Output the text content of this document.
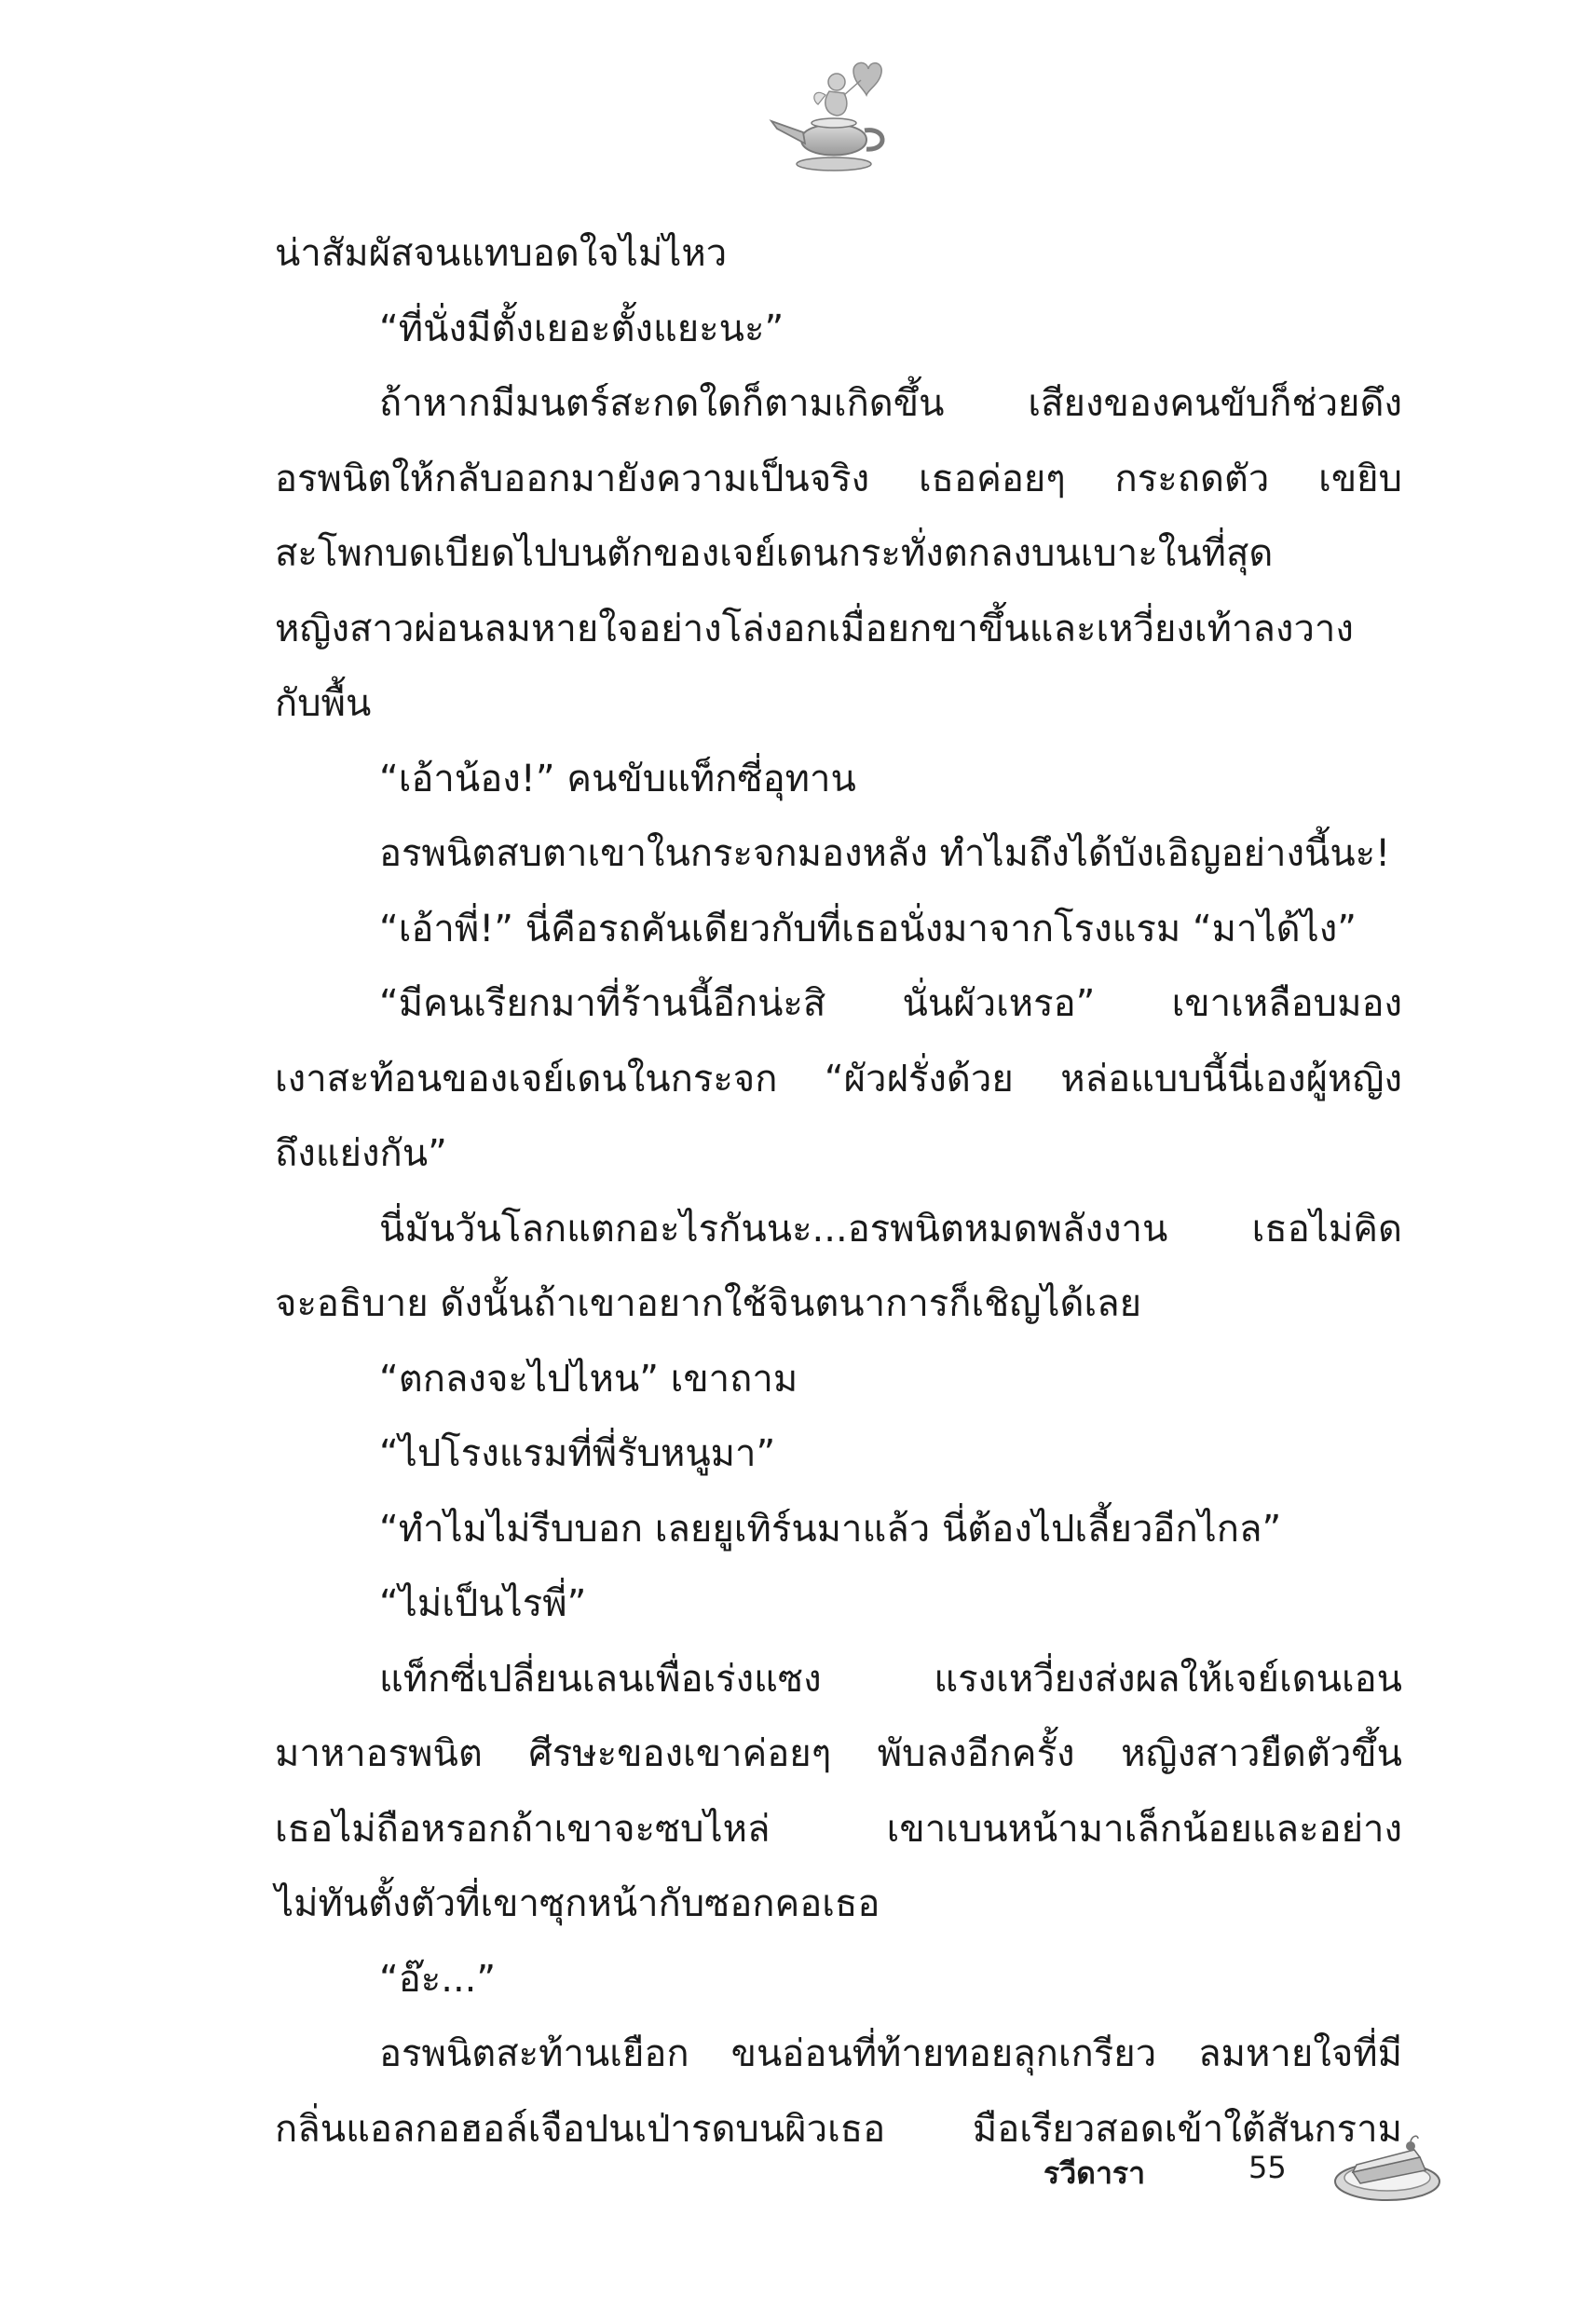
น่าสัมผัสจนแทบอดใจไม่ไหว
“ที่นั่งมีตั้งเยอะตั้งแยะนะ”
ถ้าหากมีมนตร์สะกดใดก็ตามเกิดขึ้น เสียงของคนขับก็ช่วยดึง
อรพนิตให้กลับออกมายังความเป็นจริง เธอค่อยๆ กระถดตัว เขยิบ
สะโพกบดเบียดไปบนตักของเจย์เดนกระทั่งตกลงบนเบาะในที่สุด
หญิงสาวผ่อนลมหายใจอย่างโล่งอกเมื่อยกขาขึ้นและเหวี่ยงเท้าลงวาง
กับพื้น
“เอ้าน้อง!” คนขับแท็กซี่อุทาน
อรพนิตสบตาเขาในกระจกมองหลัง ทำไมถึงได้บังเอิญอย่างนี้นะ!
“เอ้าพี่!” นี่คือรถคันเดียวกับที่เธอนั่งมาจากโรงแรม “มาได้ไง”
“มีคนเรียกมาที่ร้านนี้อีกน่ะสิ นั่นผัวเหรอ” เขาเหลือบมอง
เงาสะท้อนของเจย์เดนในกระจก “ผัวฝรั่งด้วย หล่อแบบนี้นี่เองผู้หญิง
ถึงแย่งกัน”
นี่มันวันโลกแตกอะไรกันนะ...อรพนิตหมดพลังงาน เธอไม่คิด
จะอธิบาย ดังนั้นถ้าเขาอยากใช้จินตนาการก็เชิญได้เลย
“ตกลงจะไปไหน” เขาถาม
“ไปโรงแรมที่พี่รับหนูมา”
“ทำไมไม่รีบบอก เลยยูเทิร์นมาแล้ว นี่ต้องไปเลี้ยวอีกไกล”
“ไม่เป็นไรพี่”
แท็กซี่เปลี่ยนเลนเพื่อเร่งแซง แรงเหวี่ยงส่งผลให้เจย์เดนเอน
มาหาอรพนิต ศีรษะของเขาค่อยๆ พับลงอีกครั้ง หญิงสาวยืดตัวขึ้น
เธอไม่ถือหรอกถ้าเขาจะซบไหล่ เขาเบนหน้ามาเล็กน้อยและอย่าง
ไม่ทันตั้งตัวที่เขาซุกหน้ากับซอกคอเธอ
“อ๊ะ...”
อรพนิตสะท้านเยือก ขนอ่อนที่ท้ายทอยลุกเกรียว ลมหายใจที่มี
กลิ่นแอลกอฮอล์เจือปนเป่ารดบนผิวเธอ มือเรียวสอดเข้าใต้สันกราม
รวีดารา	55
